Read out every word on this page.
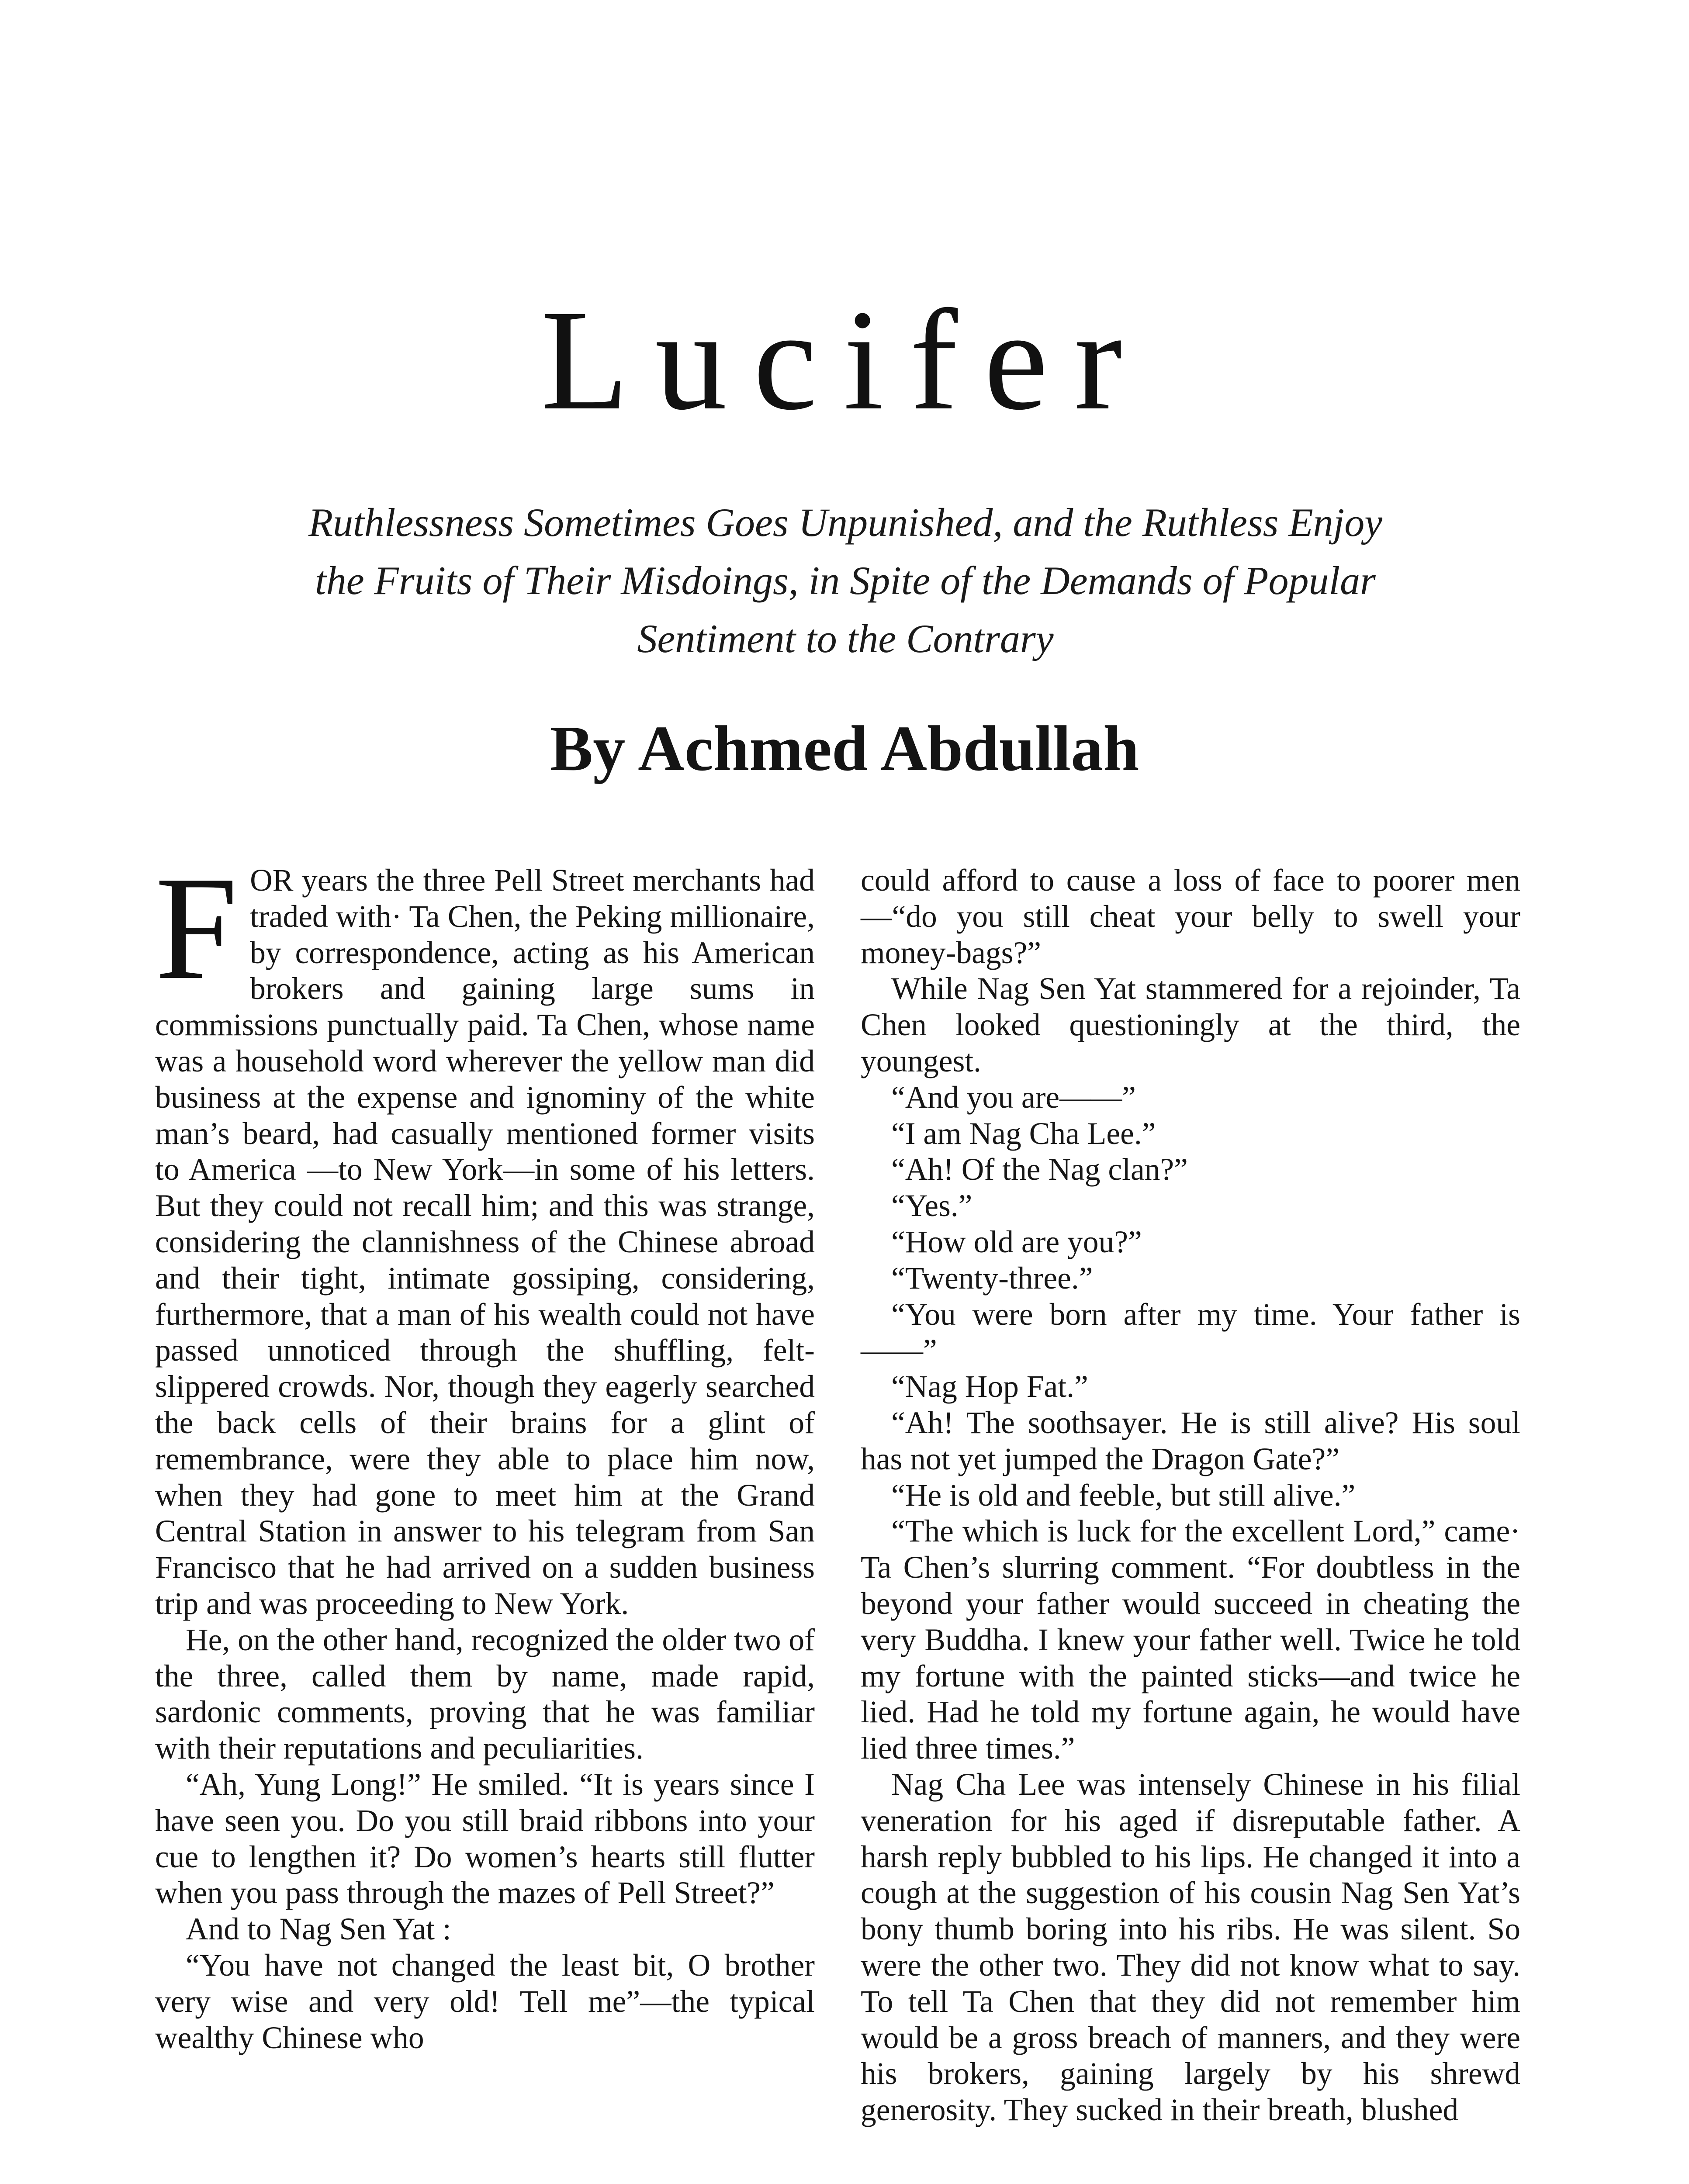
Lucifer

Ruthlessness Sometimes Goes Unpunished, and the Ruthless Enjoy the Fruits of Their Misdoings, in Spite of the Demands of Popular Sentiment to the Contrary

By Achmed Abdullah

FOR years the three Pell Street merchants had traded with· Ta Chen, the Peking millionaire, by correspondence, acting as his American brokers and gaining large sums in commissions punctually paid. Ta Chen, whose name was a household word wherever the yellow man did business at the expense and ignominy of the white man’s beard, had casually mentioned former visits to America —to New York—in some of his letters. But they could not recall him; and this was strange, considering the clannishness of the Chinese abroad and their tight, intimate gossiping, considering, furthermore, that a man of his wealth could not have passed unnoticed through the shuffling, felt-slippered crowds. Nor, though they eagerly searched the back cells of their brains for a glint of remembrance, were they able to place him now, when they had gone to meet him at the Grand Central Station in answer to his telegram from San Francisco that he had arrived on a sudden business trip and was proceeding to New York.

He, on the other hand, recognized the older two of the three, called them by name, made rapid, sardonic comments, proving that he was familiar with their reputations and peculiarities.

“Ah, Yung Long!” He smiled. “It is years since I have seen you. Do you still braid ribbons into your cue to lengthen it? Do women’s hearts still flutter when you pass through the mazes of Pell Street?”

And to Nag Sen Yat :

“You have not changed the least bit, O brother very wise and very old! Tell me”—the typical wealthy Chinese who

could afford to cause a loss of face to poorer men—“do you still cheat your belly to swell your money-bags?”

While Nag Sen Yat stammered for a rejoinder, Ta Chen looked questioningly at the third, the youngest.

“And you are——”

“I am Nag Cha Lee.”

“Ah! Of the Nag clan?”

“Yes.”

“How old are you?”

“Twenty-three.”

“You were born after my time. Your father is——”

“Nag Hop Fat.”

“Ah! The soothsayer. He is still alive? His soul has not yet jumped the Dragon Gate?”

“He is old and feeble, but still alive.”

“The which is luck for the excellent Lord,” came· Ta Chen’s slurring comment. “For doubtless in the beyond your father would succeed in cheating the very Buddha. I knew your father well. Twice he told my fortune with the painted sticks—and twice he lied. Had he told my fortune again, he would have lied three times.”

Nag Cha Lee was intensely Chinese in his filial veneration for his aged if disreputable father. A harsh reply bubbled to his lips. He changed it into a cough at the suggestion of his cousin Nag Sen Yat’s bony thumb boring into his ribs. He was silent. So were the other two. They did not know what to say. To tell Ta Chen that they did not remember him would be a gross breach of manners, and they were his brokers, gaining largely by his shrewd generosity. They sucked in their breath, blushed
